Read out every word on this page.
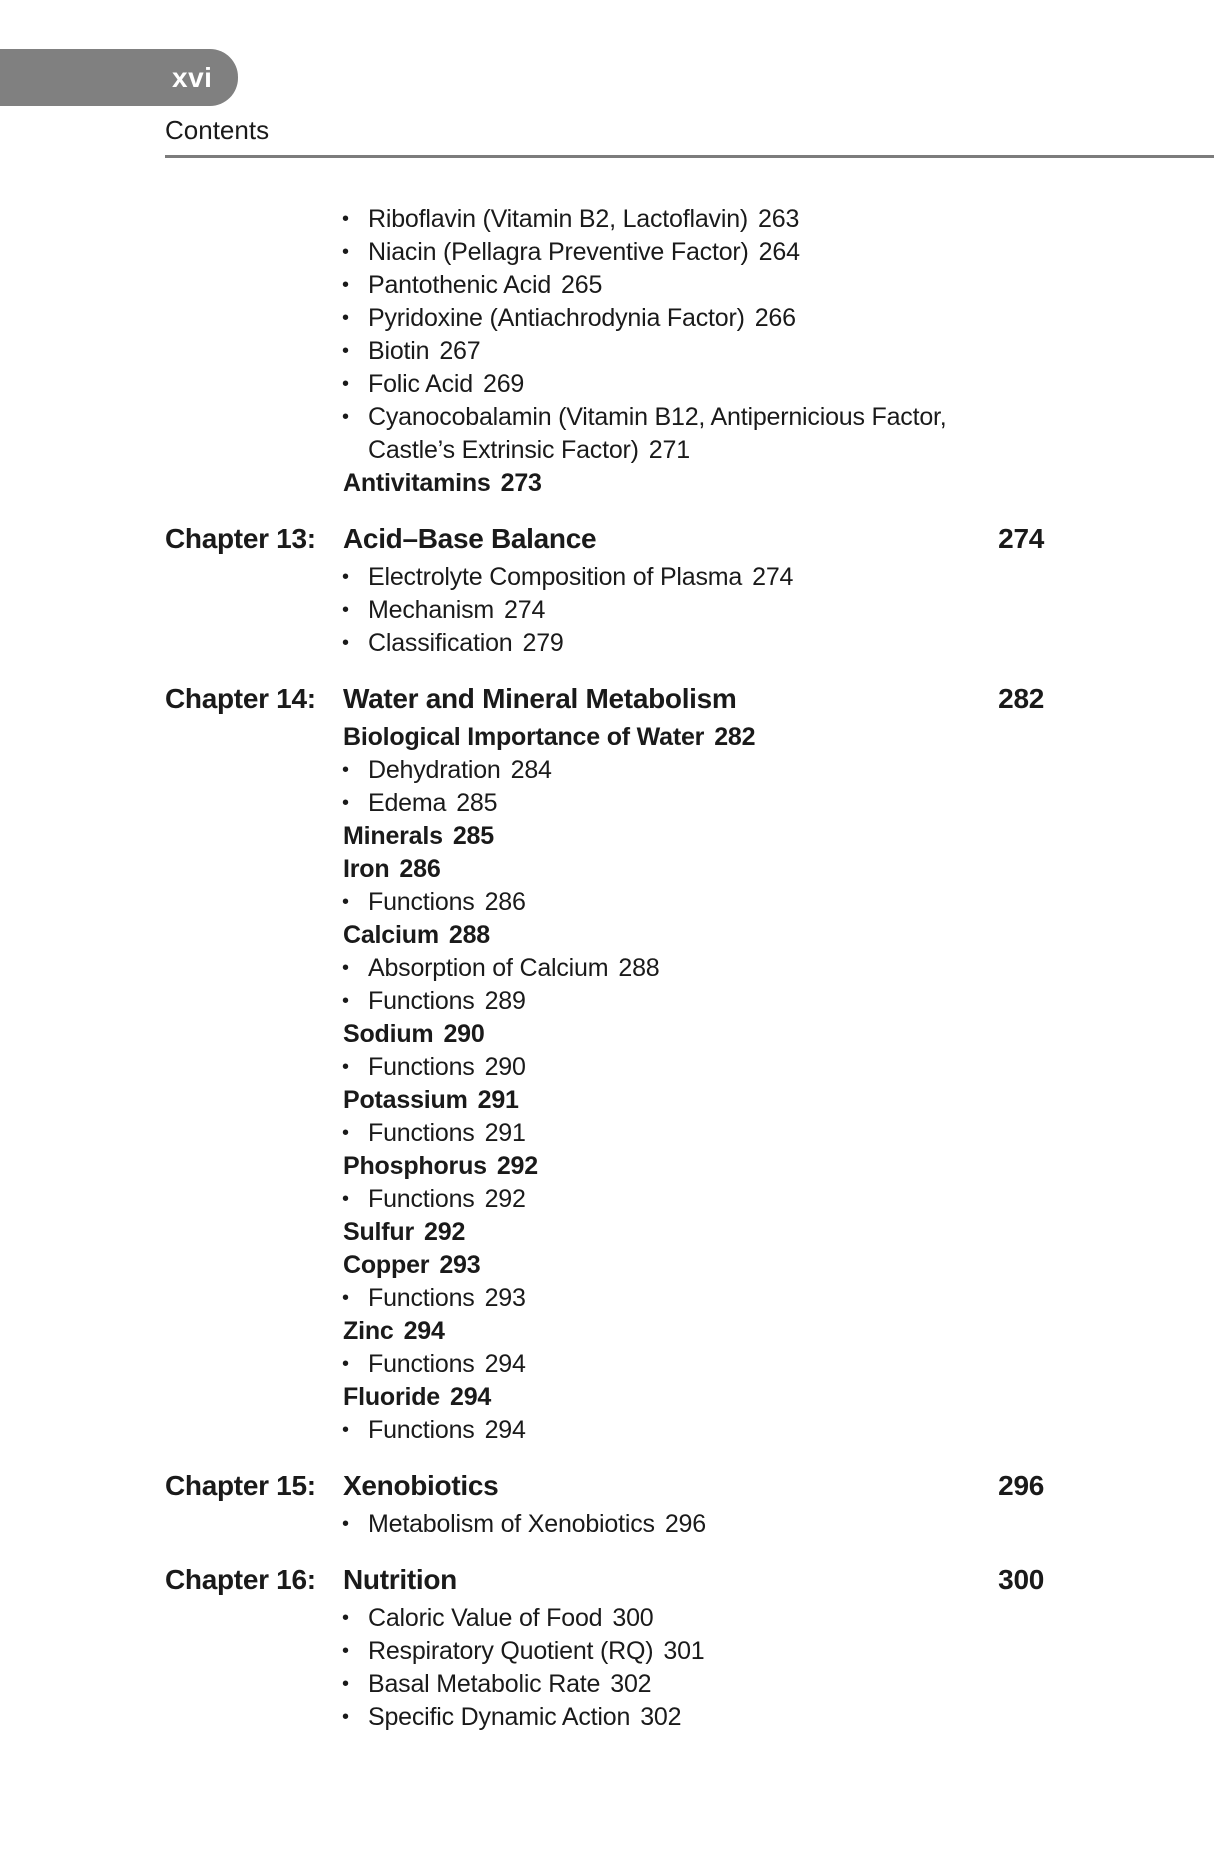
xvi
Contents
• Riboflavin (Vitamin B2, Lactoflavin) 263
• Niacin (Pellagra Preventive Factor) 264
• Pantothenic Acid 265
• Pyridoxine (Antiachrodynia Factor) 266
• Biotin 267
• Folic Acid 269
• Cyanocobalamin (Vitamin B12, Antipernicious Factor,
Castle’s Extrinsic Factor) 271
Antivitamins 273
Chapter 13: Acid–Base Balance	274
• Electrolyte Composition of Plasma 274
• Mechanism 274
• Classification 279
Chapter 14: Water and Mineral Metabolism	282
Biological Importance of Water 282
• Dehydration 284
• Edema 285
Minerals 285
Iron 286
• Functions 286
Calcium 288
• Absorption of Calcium 288
• Functions 289
Sodium 290
• Functions 290
Potassium 291
• Functions 291
Phosphorus 292
• Functions 292
Sulfur 292
Copper 293
• Functions 293
Zinc 294
• Functions 294
Fluoride 294
• Functions 294
Chapter 15: Xenobiotics	296
• Metabolism of Xenobiotics 296
Chapter 16: Nutrition	300
• Caloric Value of Food 300
• Respiratory Quotient (RQ) 301
• Basal Metabolic Rate 302
• Specific Dynamic Action 302
